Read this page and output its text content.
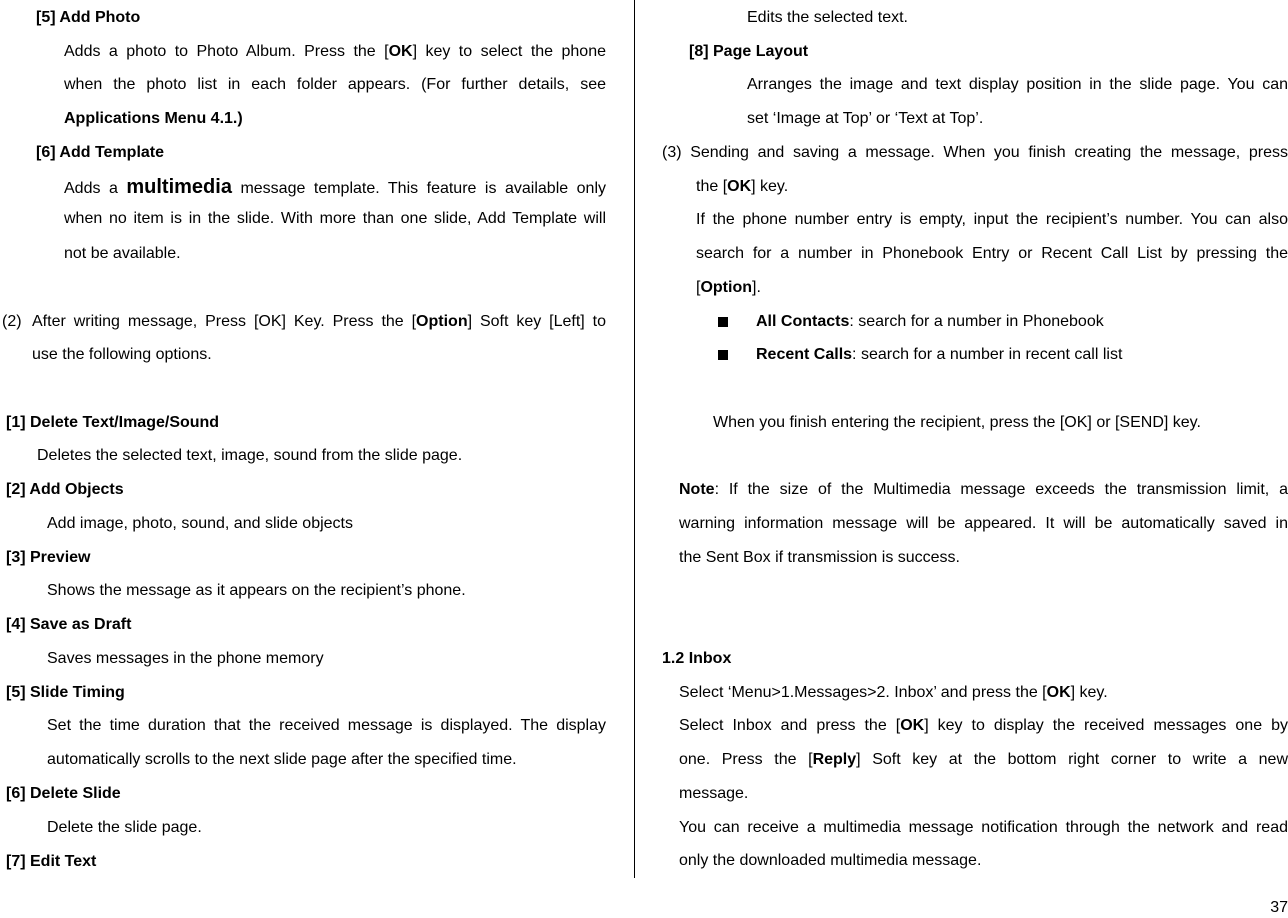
[5] Add Photo
Adds a photo to Photo Album. Press the [OK] key to select the phone
when the photo list in each folder appears. (For further details, see
Applications Menu 4.1.)
[6] Add Template
Adds a multimedia message template. This feature is available only
when no item is in the slide. With more than one slide, Add Template will
not be available.
(2) After writing message, Press [OK] Key. Press the [Option] Soft key [Left] to
use the following options.
[1] Delete Text/Image/Sound
Deletes the selected text, image, sound from the slide page.
[2] Add Objects
Add image, photo, sound, and slide objects
[3] Preview
Shows the message as it appears on the recipient’s phone.
[4] Save as Draft
Saves messages in the phone memory
[5] Slide Timing
Set the time duration that the received message is displayed. The display
automatically scrolls to the next slide page after the specified time.
[6] Delete Slide
Delete the slide page.
[7] Edit Text
Edits the selected text.
[8] Page Layout
Arranges the image and text display position in the slide page. You can
set ‘Image at Top’ or ‘Text at Top’.
(3) Sending and saving a message. When you finish creating the message, press
the [OK] key.
If the phone number entry is empty, input the recipient’s number. You can also
search for a number in Phonebook Entry or Recent Call List by pressing the
[Option].
All Contacts: search for a number in Phonebook
Recent Calls: search for a number in recent call list
When you finish entering the recipient, press the [OK] or [SEND] key.
Note: If the size of the Multimedia message exceeds the transmission limit, a
warning information message will be appeared. It will be automatically saved in
the Sent Box if transmission is success.
1.2 Inbox
Select ‘Menu>1.Messages>2. Inbox’ and press the [OK] key.
Select Inbox and press the [OK] key to display the received messages one by
one. Press the [Reply] Soft key at the bottom right corner to write a new
message.
You can receive a multimedia message notification through the network and read
only the downloaded multimedia message.
37
